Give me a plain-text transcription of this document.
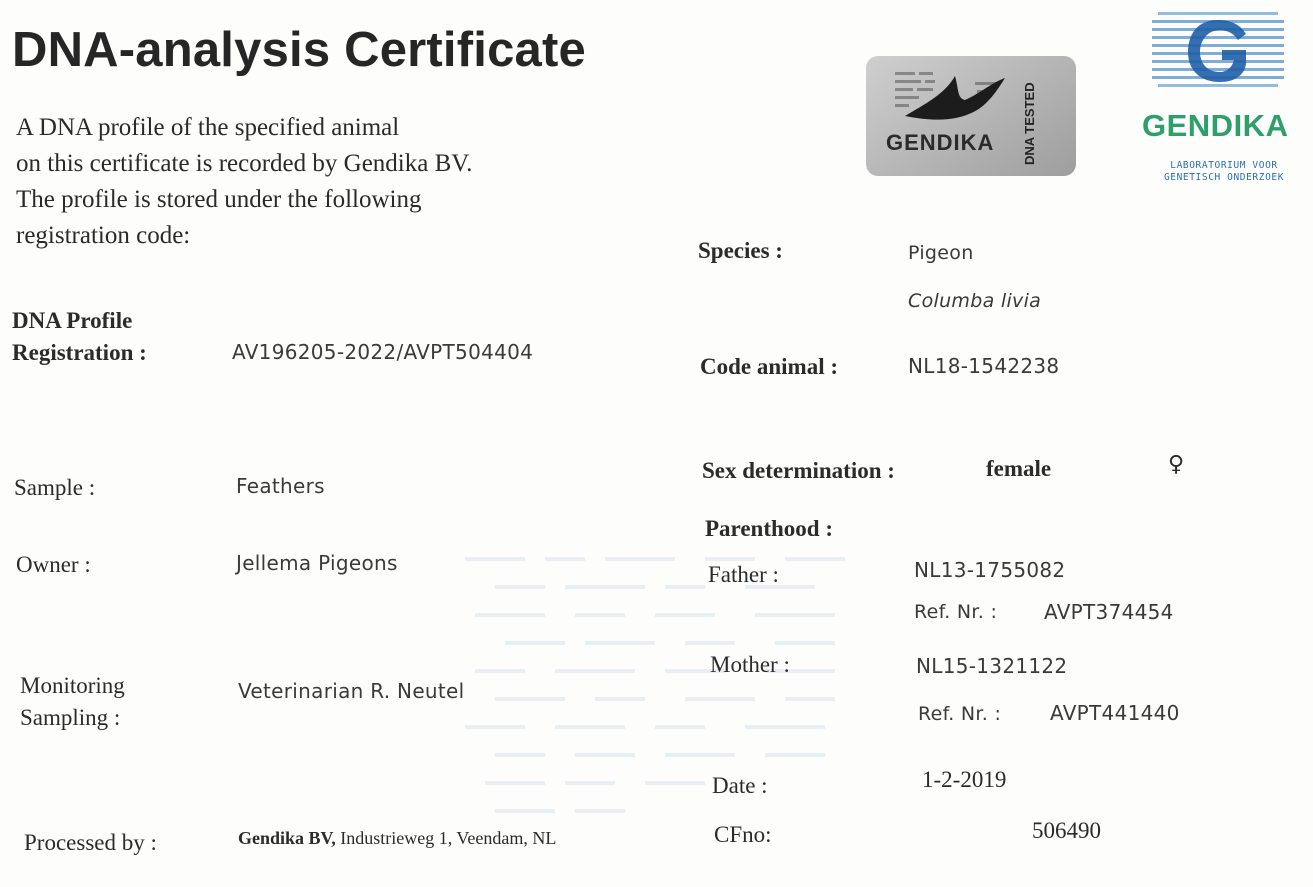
DNA-analysis Certificate
A DNA profile of the specified animal
on this certificate is recorded by Gendika BV.
The profile is stored under the following
registration code:
GENDIKA DNA TESTED	GENDIKA
LABORATORIUM VOOR
GENETISCH ONDERZOEK
DNA Profile
Registration :	AV196205-2022/AVPT504404
Sample :	Feathers
Owner :	Jellema Pigeons
Monitoring
Sampling :
Veterinarian R. Neutel
Processed by :	Gendika BV, Industrieweg 1, Veendam, NL
Species :	Pigeon
Columba livia
Code animal :	NL18-1542238
Sex determination :	female	♀
Parenthood :
Father :	NL13-1755082
Ref. Nr. : AVPT374454
Mother :	NL15-1321122
Ref. Nr. : AVPT441440
Date :	1-2-2019
CFno:	506490
